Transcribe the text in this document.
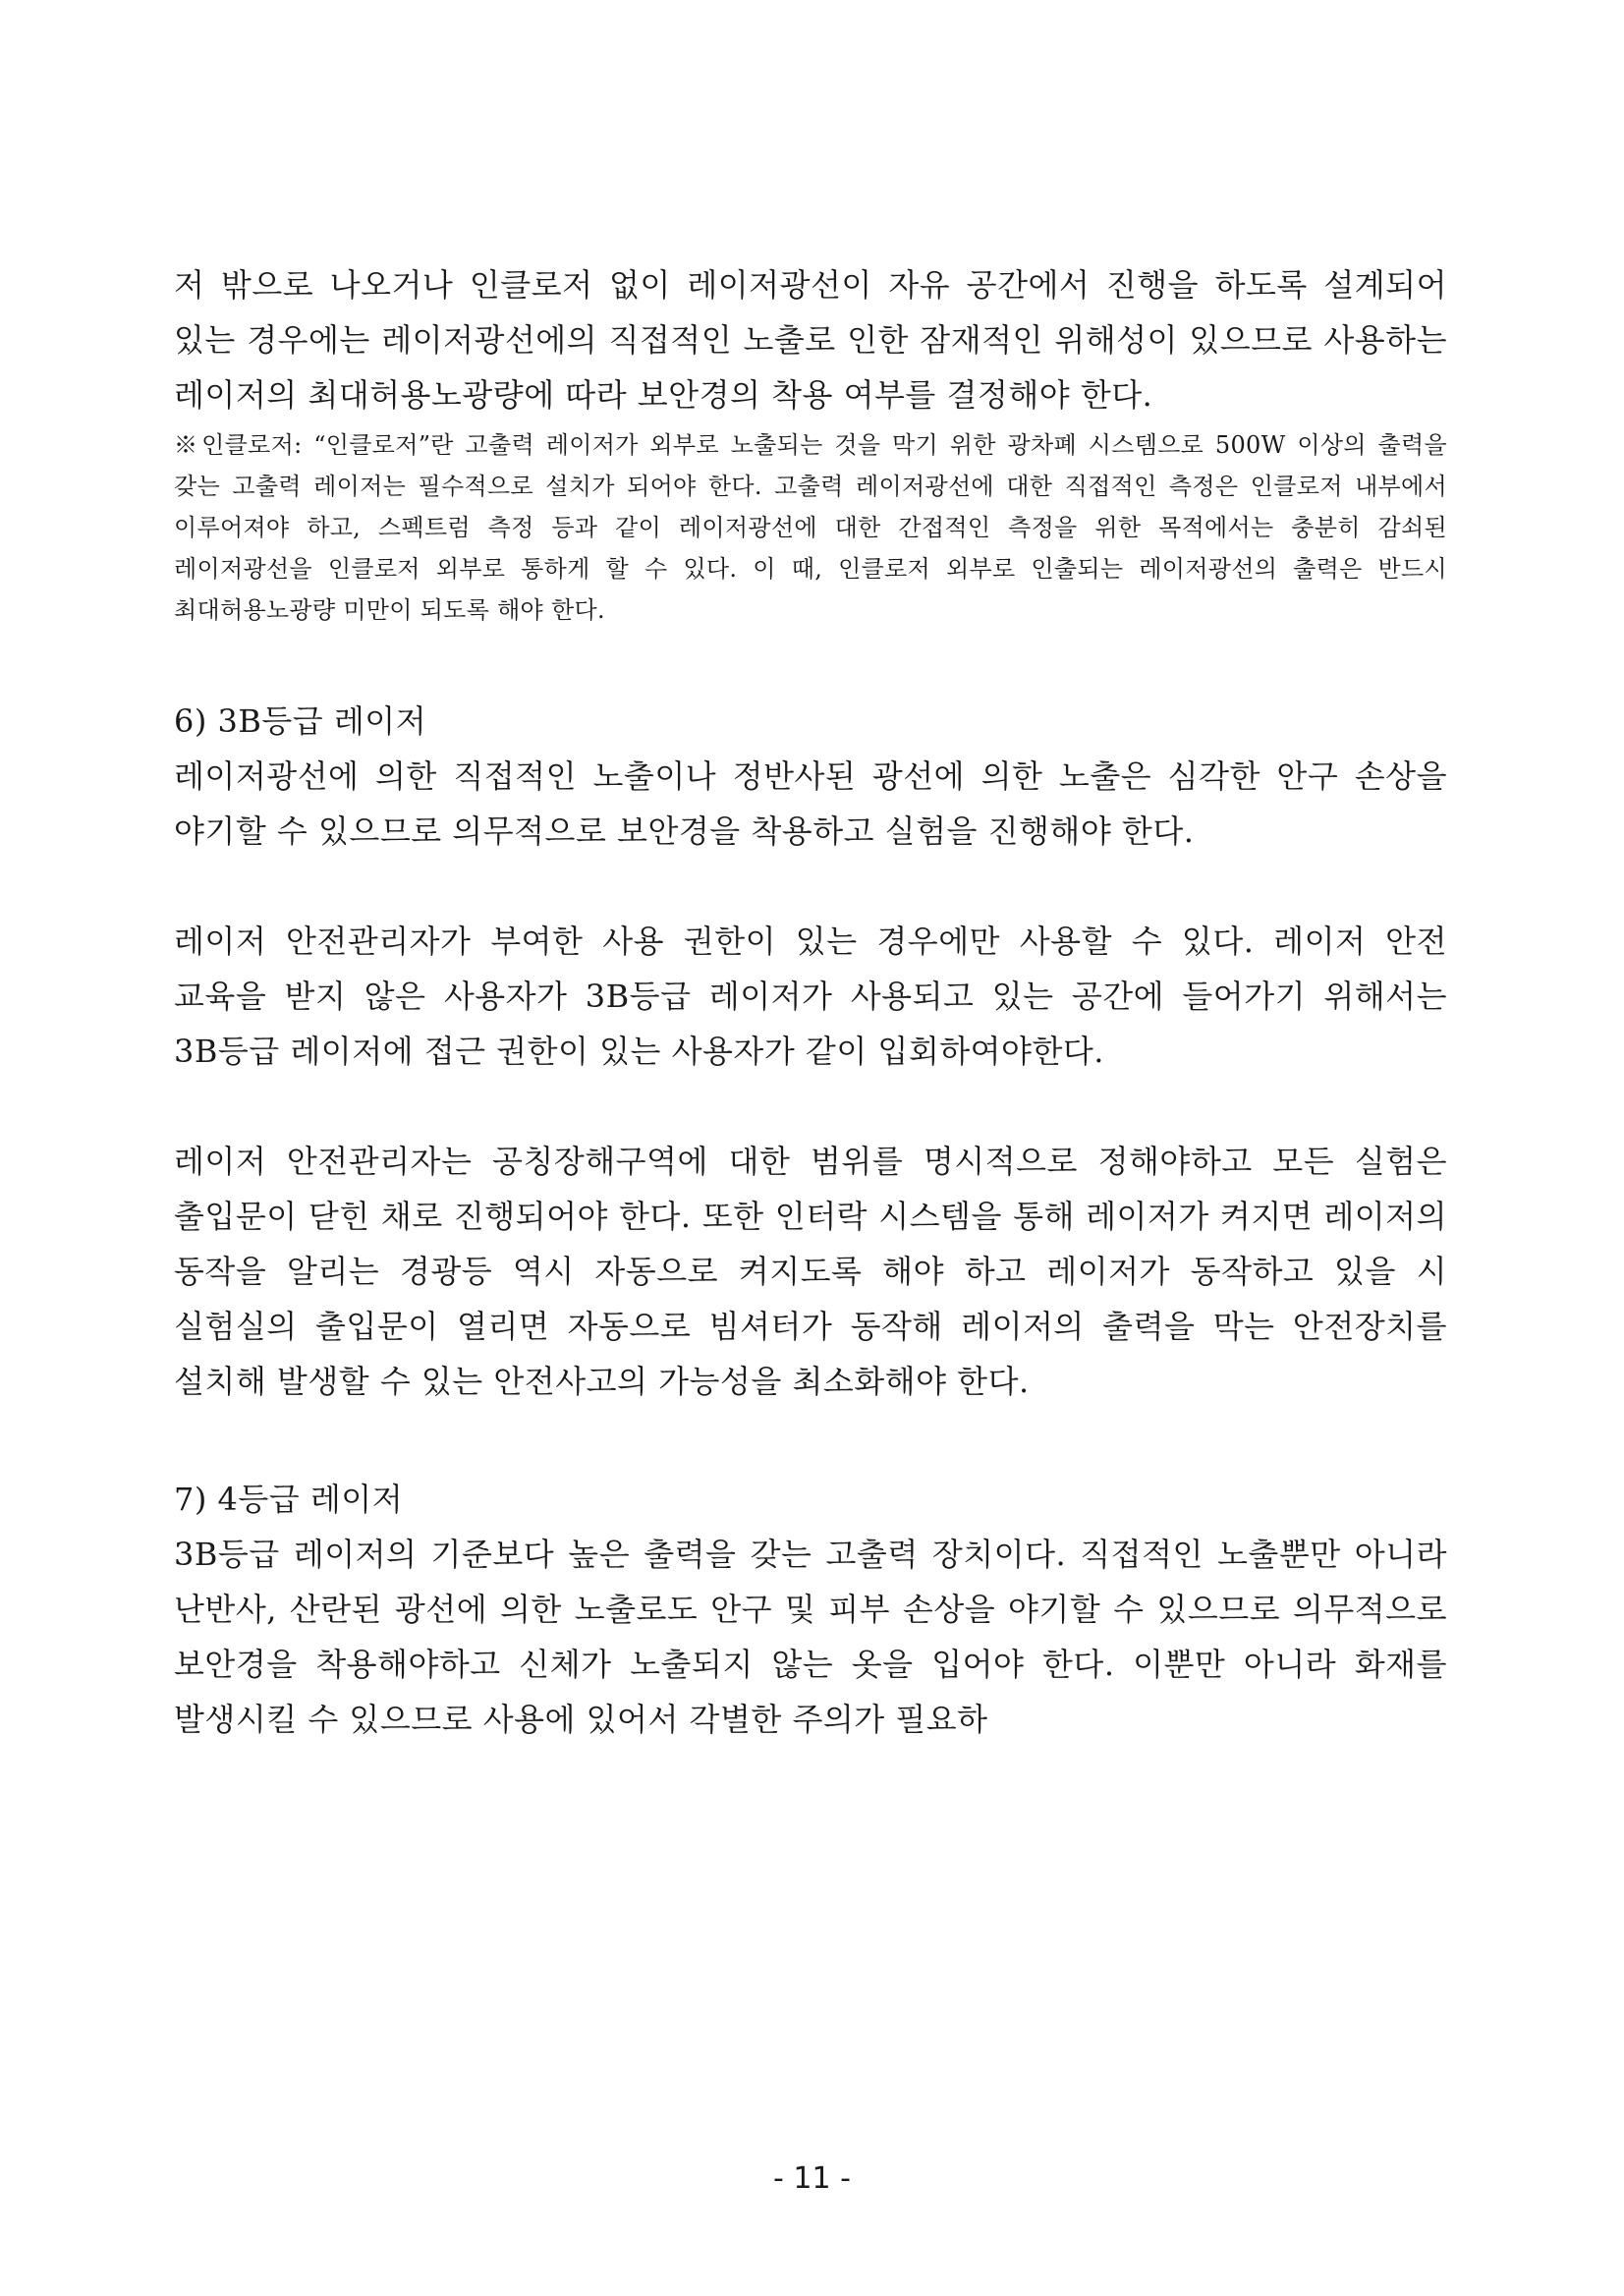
저 밖으로 나오거나 인클로저 없이 레이저광선이 자유 공간에서 진행을 하도록 설계되어 있는 경우에는 레이저광선에의 직접적인 노출로 인한 잠재적인 위해성이 있으므로 사용하는 레이저의 최대허용노광량에 따라 보안경의 착용 여부를 결정해야 한다.

※인클로저: “인클로저”란 고출력 레이저가 외부로 노출되는 것을 막기 위한 광차폐 시스템으로 500W 이상의 출력을 갖는 고출력 레이저는 필수적으로 설치가 되어야 한다. 고출력 레이저광선에 대한 직접적인 측정은 인클로저 내부에서 이루어져야 하고, 스펙트럼 측정 등과 같이 레이저광선에 대한 간접적인 측정을 위한 목적에서는 충분히 감쇠된 레이저광선을 인클로저 외부로 통하게 할 수 있다. 이 때, 인클로저 외부로 인출되는 레이저광선의 출력은 반드시 최대허용노광량 미만이 되도록 해야 한다.

6) 3B등급 레이저

레이저광선에 의한 직접적인 노출이나 정반사된 광선에 의한 노출은 심각한 안구 손상을 야기할 수 있으므로 의무적으로 보안경을 착용하고 실험을 진행해야 한다.

레이저 안전관리자가 부여한 사용 권한이 있는 경우에만 사용할 수 있다. 레이저 안전 교육을 받지 않은 사용자가 3B등급 레이저가 사용되고 있는 공간에 들어가기 위해서는 3B등급 레이저에 접근 권한이 있는 사용자가 같이 입회하여야한다.

레이저 안전관리자는 공칭장해구역에 대한 범위를 명시적으로 정해야하고 모든 실험은 출입문이 닫힌 채로 진행되어야 한다. 또한 인터락 시스템을 통해 레이저가 켜지면 레이저의 동작을 알리는 경광등 역시 자동으로 켜지도록 해야 하고 레이저가 동작하고 있을 시 실험실의 출입문이 열리면 자동으로 빔셔터가 동작해 레이저의 출력을 막는 안전장치를 설치해 발생할 수 있는 안전사고의 가능성을 최소화해야 한다.

7) 4등급 레이저

3B등급 레이저의 기준보다 높은 출력을 갖는 고출력 장치이다. 직접적인 노출뿐만 아니라 난반사, 산란된 광선에 의한 노출로도 안구 및 피부 손상을 야기할 수 있으므로 의무적으로 보안경을 착용해야하고 신체가 노출되지 않는 옷을 입어야 한다. 이뿐만 아니라 화재를 발생시킬 수 있으므로 사용에 있어서 각별한 주의가 필요하

- 11 -
